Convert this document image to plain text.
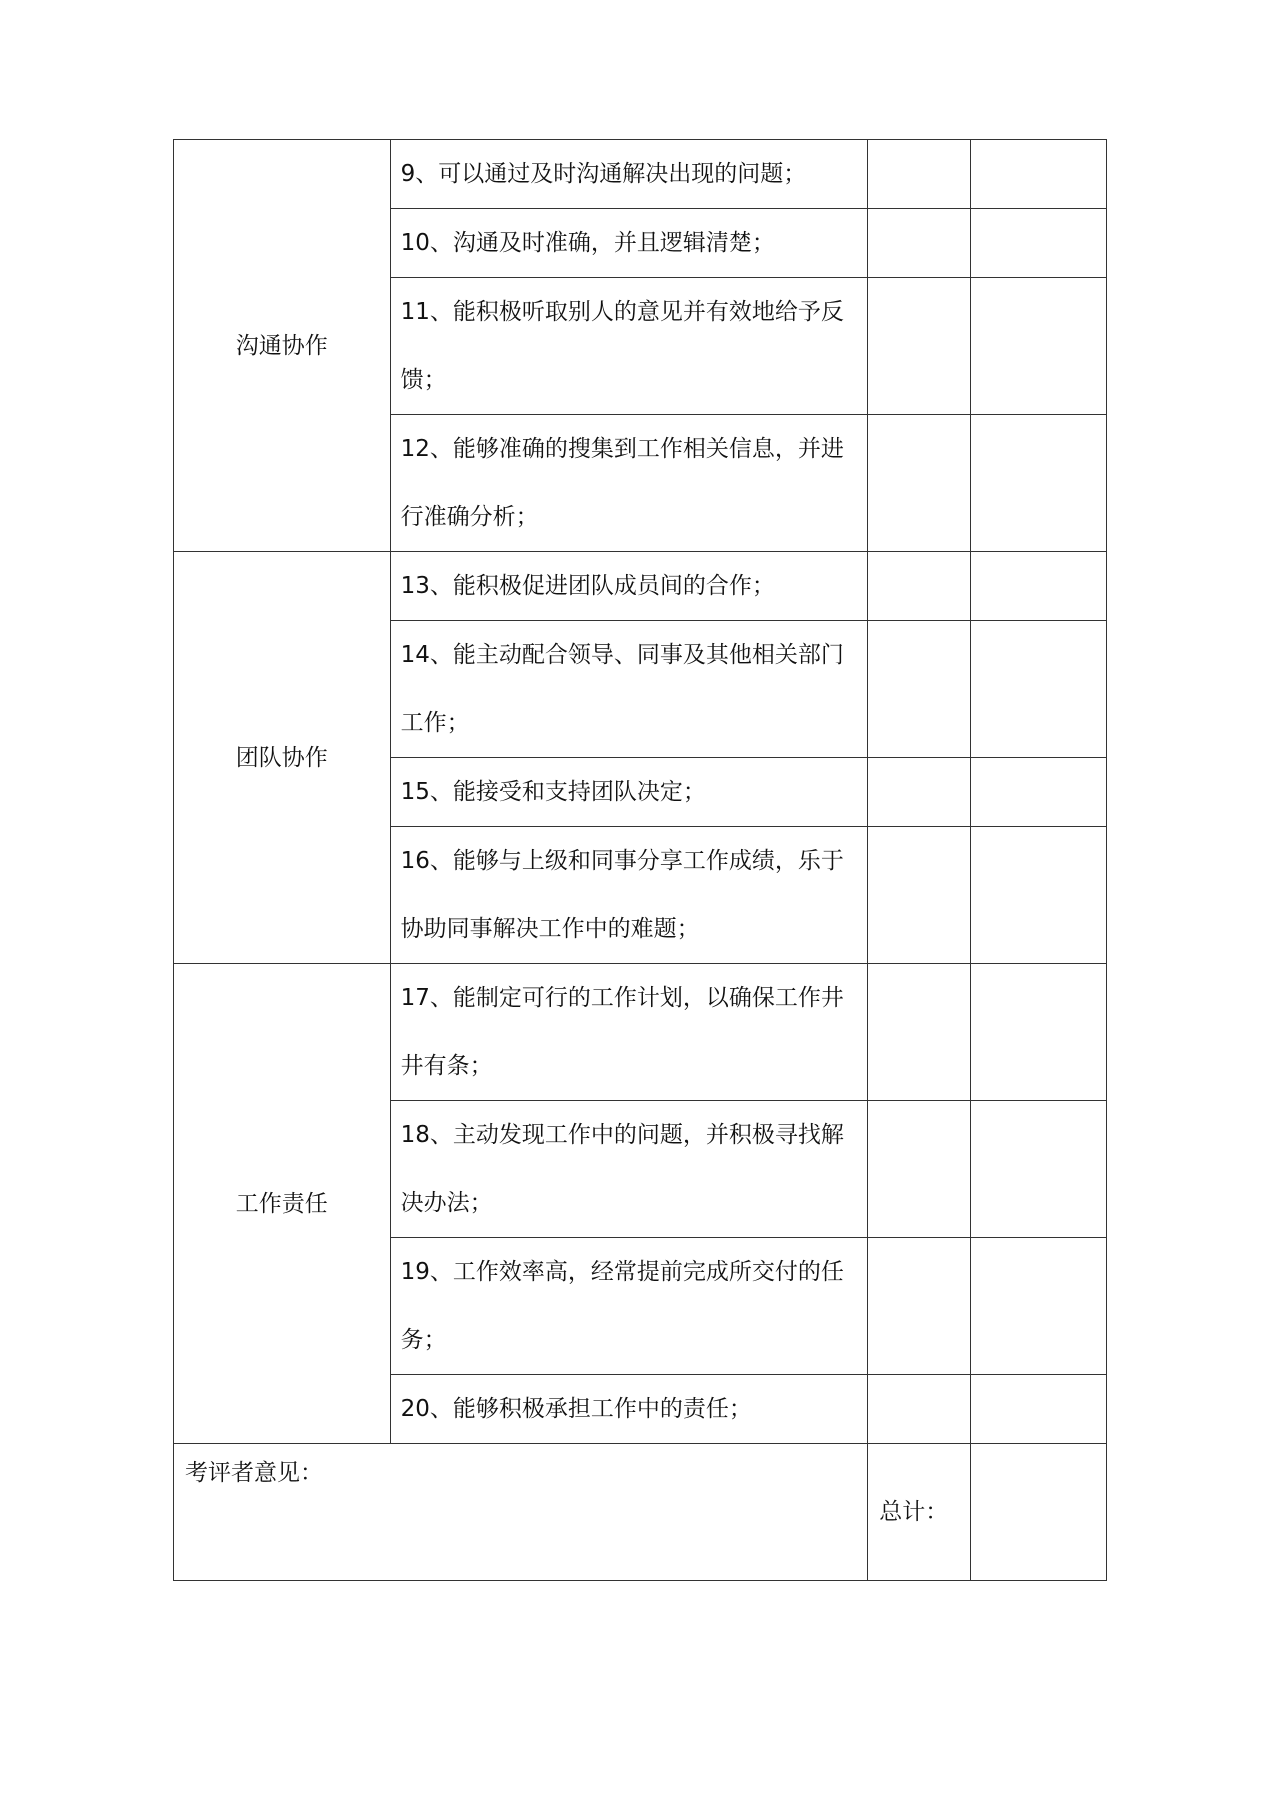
沟通协作	9、可以通过及时沟通解决出现的问题；		
	10、沟通及时准确，并且逻辑清楚；		
	11、能积极听取别人的意见并有效地给予反馈；		
	12、能够准确的搜集到工作相关信息，并进行准确分析；		
团队协作	13、能积极促进团队成员间的合作；		
	14、能主动配合领导、同事及其他相关部门工作；		
	15、能接受和支持团队决定；		
	16、能够与上级和同事分享工作成绩，乐于协助同事解决工作中的难题；		
工作责任	17、能制定可行的工作计划，以确保工作井井有条；		
	18、主动发现工作中的问题，并积极寻找解决办法；		
	19、工作效率高，经常提前完成所交付的任务；		
	20、能够积极承担工作中的责任；		
考评者意见：		总计：	
